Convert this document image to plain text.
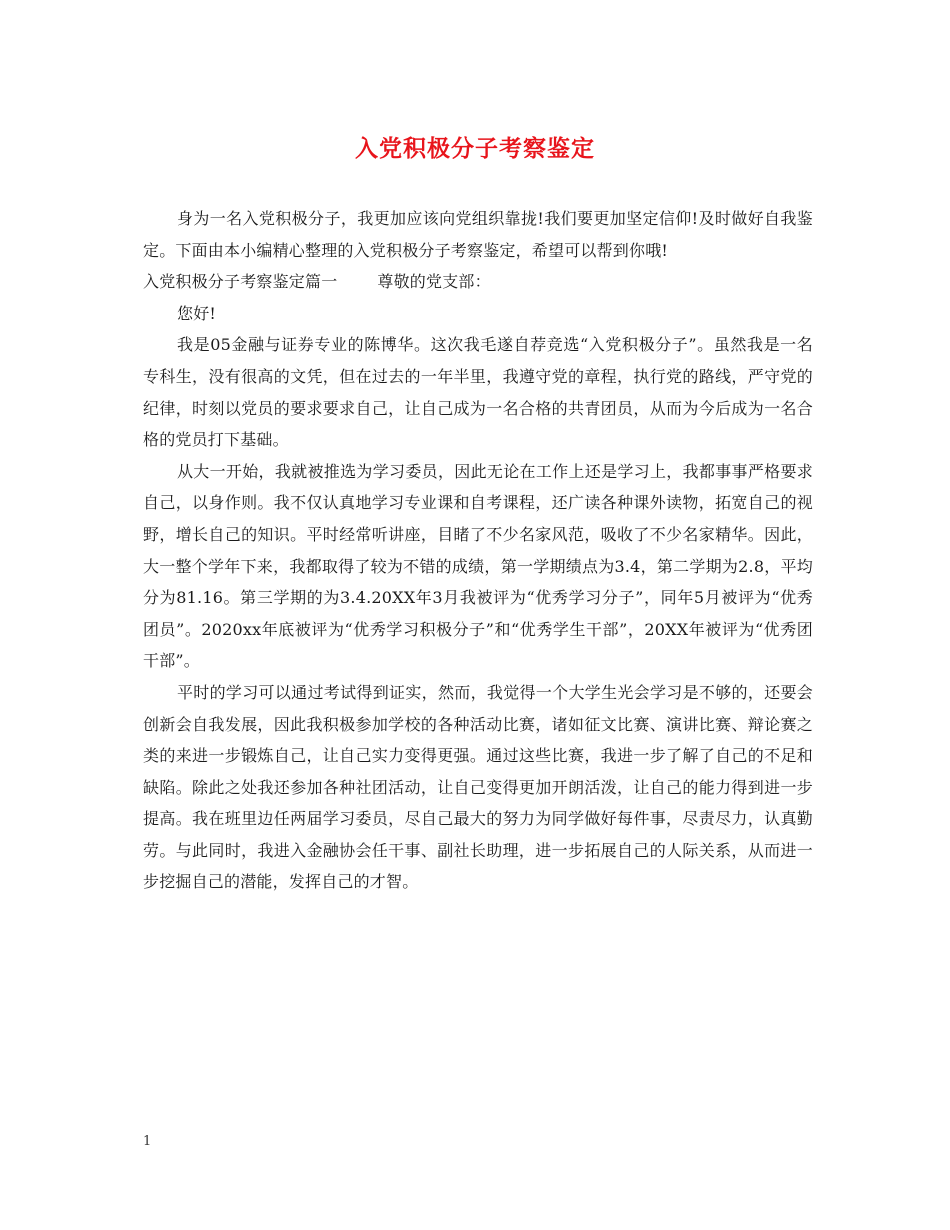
入党积极分子考察鉴定

身为一名入党积极分子，我更加应该向党组织靠拢!我们要更加坚定信仰!及时做好自我鉴定。下面由本小编精心整理的入党积极分子考察鉴定，希望可以帮到你哦!

入党积极分子考察鉴定篇一	尊敬的党支部：

您好!

我是05金融与证券专业的陈博华。这次我毛遂自荐竞选“入党积极分子”。虽然我是一名专科生，没有很高的文凭，但在过去的一年半里，我遵守党的章程，执行党的路线，严守党的纪律，时刻以党员的要求要求自己，让自己成为一名合格的共青团员，从而为今后成为一名合格的党员打下基础。

从大一开始，我就被推选为学习委员，因此无论在工作上还是学习上，我都事事严格要求自己，以身作则。我不仅认真地学习专业课和自考课程，还广读各种课外读物，拓宽自己的视野，增长自己的知识。平时经常听讲座，目睹了不少名家风范，吸收了不少名家精华。因此，大一整个学年下来，我都取得了较为不错的成绩，第一学期绩点为3.4，第二学期为2.8，平均分为81.16。第三学期的为3.4.20XX年3月我被评为“优秀学习分子”，同年5月被评为“优秀团员”。2020xx年底被评为“优秀学习积极分子”和“优秀学生干部”，20XX年被评为“优秀团干部”。

平时的学习可以通过考试得到证实，然而，我觉得一个大学生光会学习是不够的，还要会创新会自我发展，因此我积极参加学校的各种活动比赛，诸如征文比赛、演讲比赛、辩论赛之类的来进一步锻炼自己，让自己实力变得更强。通过这些比赛，我进一步了解了自己的不足和缺陷。除此之处我还参加各种社团活动，让自己变得更加开朗活泼，让自己的能力得到进一步提高。我在班里边任两届学习委员，尽自己最大的努力为同学做好每件事，尽责尽力，认真勤劳。与此同时，我进入金融协会任干事、副社长助理，进一步拓展自己的人际关系，从而进一步挖掘自己的潜能，发挥自己的才智。

1
